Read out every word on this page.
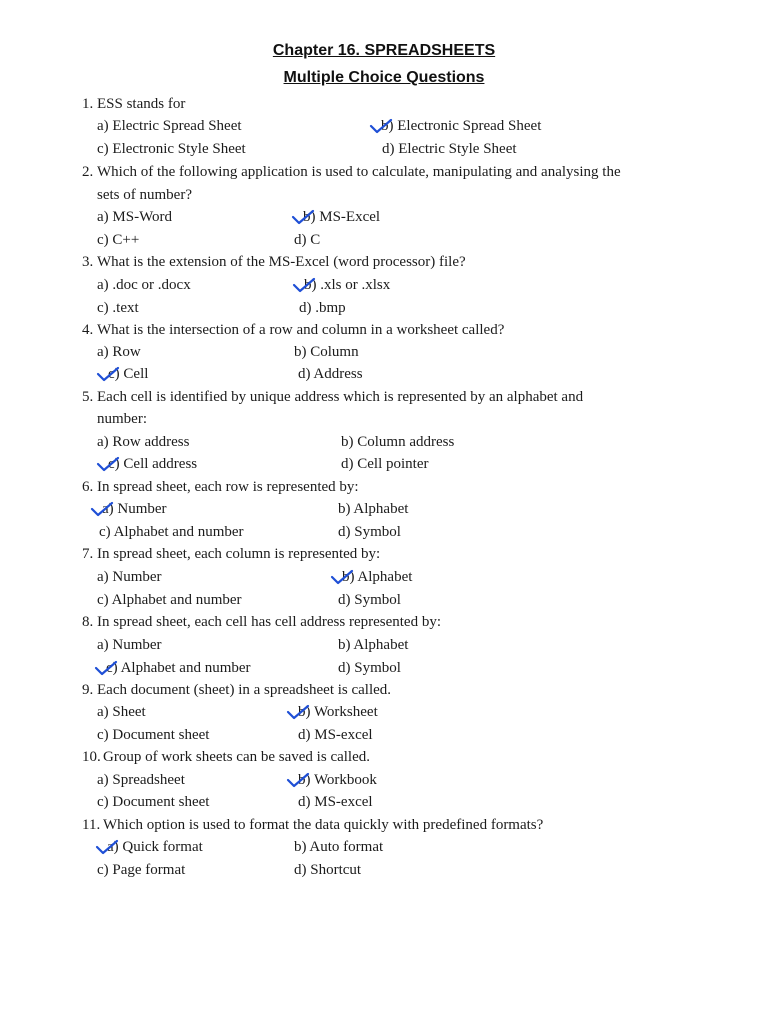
Chapter 16. SPREADSHEETS
Multiple Choice Questions
1. ESS stands for
a) Electric Spread Sheet	b) Electronic Spread Sheet
c) Electronic Style Sheet	d) Electric Style Sheet
2. Which of the following application is used to calculate, manipulating and analysing the
sets of number?
a) MS-Word	b) MS-Excel
c) C++	d) C
3. What is the extension of the MS-Excel (word processor) file?
a) .doc or .docx	b) .xls or .xlsx
c) .text	d) .bmp
4. What is the intersection of a row and column in a worksheet called?
a) Row	b) Column
c) Cell	d) Address
5. Each cell is identified by unique address which is represented by an alphabet and
number:
a) Row address	b) Column address
c) Cell address	d) Cell pointer
6. In spread sheet, each row is represented by:
a) Number	b) Alphabet
c) Alphabet and number	d) Symbol
7. In spread sheet, each column is represented by:
a) Number	b) Alphabet
c) Alphabet and number	d) Symbol
8. In spread sheet, each cell has cell address represented by:
a) Number	b) Alphabet
c) Alphabet and number	d) Symbol
9. Each document (sheet) in a spreadsheet is called.
a) Sheet	b) Worksheet
c) Document sheet	d) MS-excel
10. Group of work sheets can be saved is called.
a) Spreadsheet	b) Workbook
c) Document sheet	d) MS-excel
11. Which option is used to format the data quickly with predefined formats?
a) Quick format	b) Auto format
c) Page format	d) Shortcut
